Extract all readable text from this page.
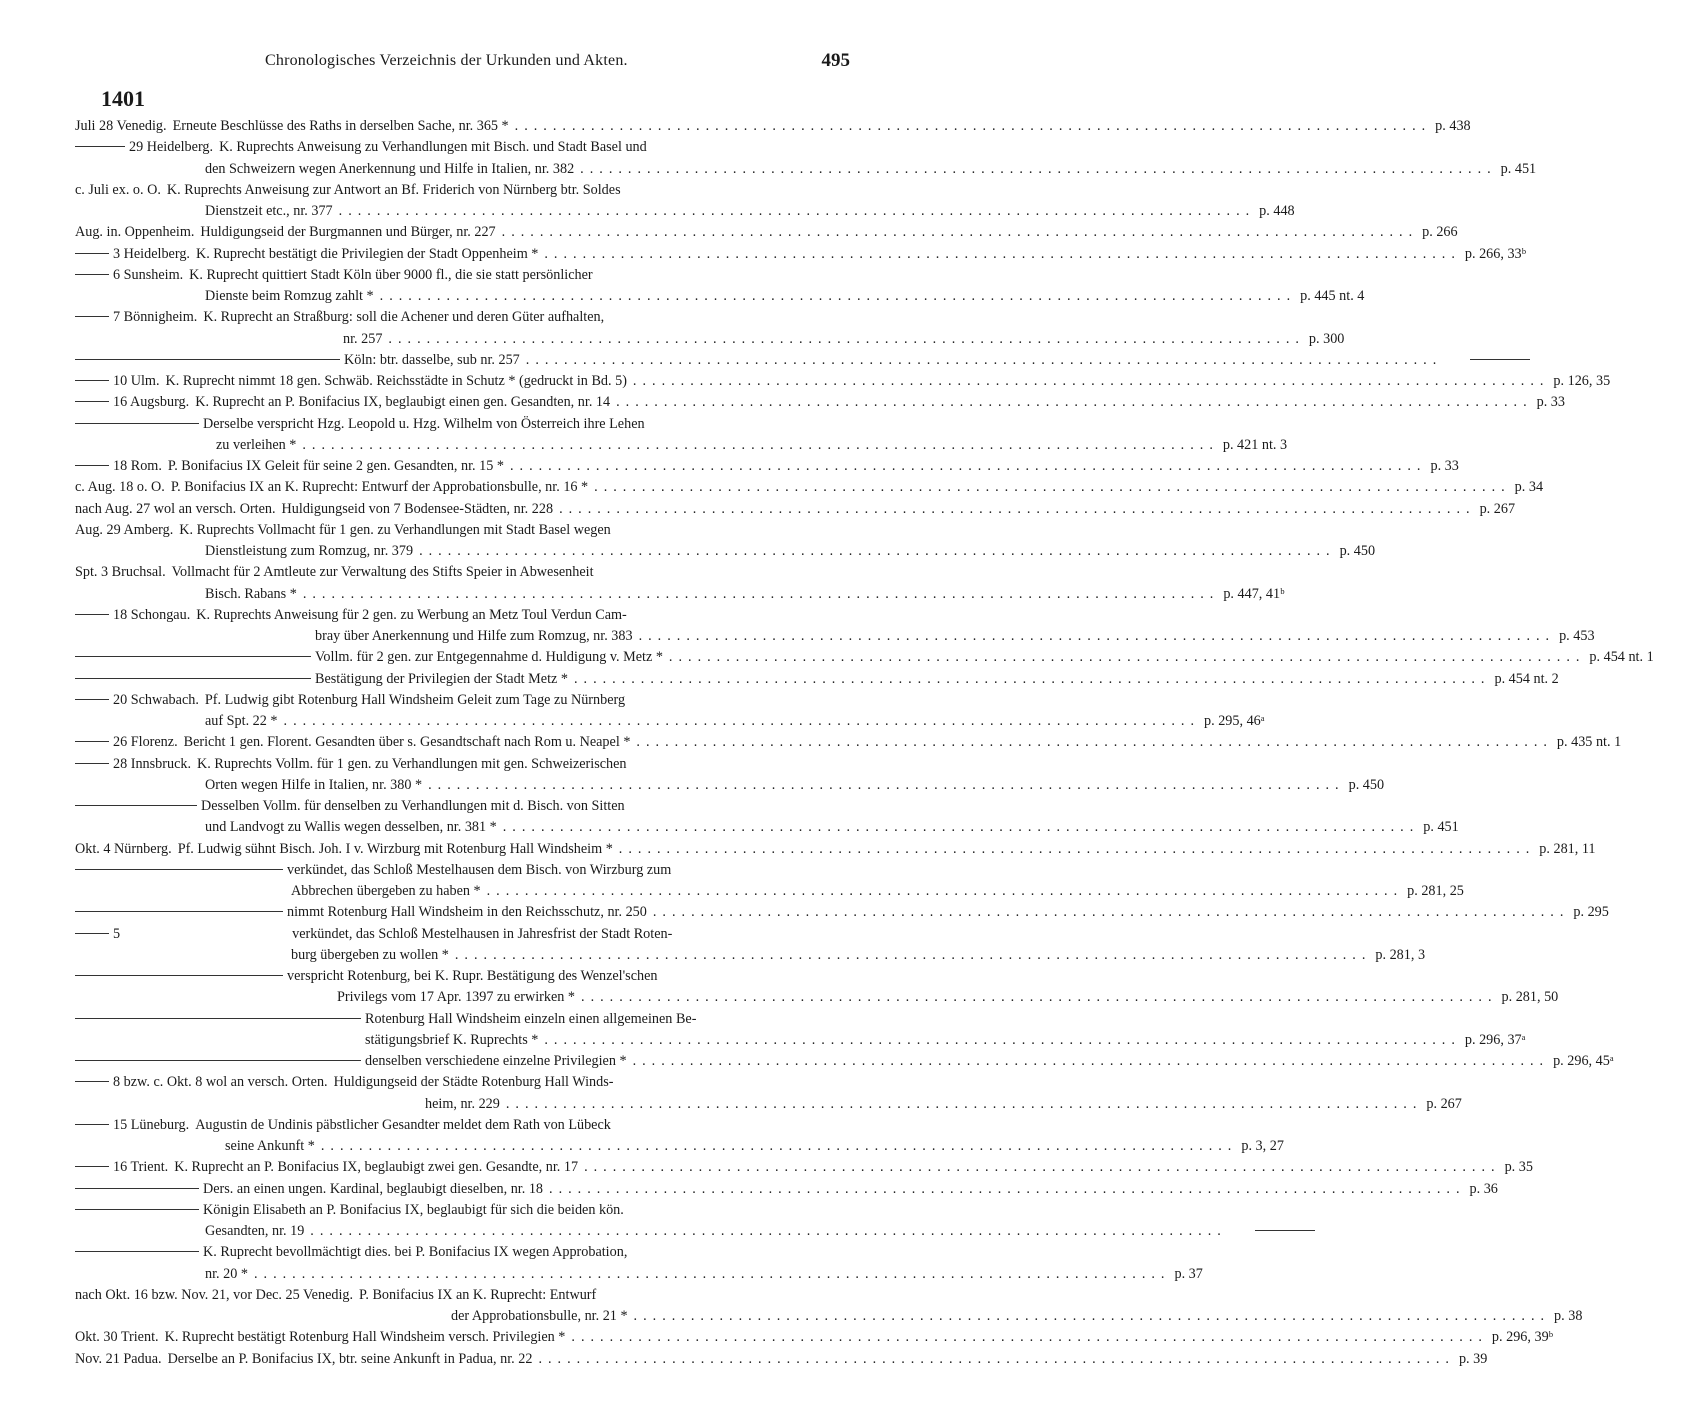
Chronologisches Verzeichnis der Urkunden und Akten.	495
1401
Juli 28 Venedig. Erneute Beschlüsse des Raths in derselben Sache, nr. 365 * .....	p. 438
29 Heidelberg. K. Ruprechts Anweisung zu Verhandlungen mit Bisch. und Stadt Basel und
den Schweizern wegen Anerkennung und Hilfe in Italien, nr. 382 .....	p. 451
c. Juli ex. o. O. K. Ruprechts Anweisung zur Antwort an Bf. Friderich von Nürnberg btr. Soldes
Dienstzeit etc., nr. 377 .....	p. 448
Aug. in. Oppenheim. Huldigungseid der Burgmannen und Bürger, nr. 227 .....	p. 266
3 Heidelberg. K. Ruprecht bestätigt die Privilegien der Stadt Oppenheim * .....	p. 266, 33ᵇ
6 Sunsheim. K. Ruprecht quittiert Stadt Köln über 9000 fl., die sie statt persönlicher
Dienste beim Romzug zahlt * .....	p. 445 nt. 4
7 Bönnigheim. K. Ruprecht an Straßburg: soll die Achener und deren Güter aufhalten,
nr. 257 .....	p. 300
Köln: btr. dasselbe, sub nr. 257
.....
10 Ulm. K. Ruprecht nimmt 18 gen. Schwäb. Reichsstädte in Schutz * (gedruckt in Bd. 5) .....	p. 126, 35
16 Augsburg. K. Ruprecht an P. Bonifacius IX, beglaubigt einen gen. Gesandten, nr. 14 .....	p. 33
Derselbe verspricht Hzg. Leopold u. Hzg. Wilhelm von Österreich ihre Lehen
zu verleihen * .....	p. 421 nt. 3
18 Rom. P. Bonifacius IX Geleit für seine 2 gen. Gesandten, nr. 15 * .....	p. 33
c. Aug. 18 o. O. P. Bonifacius IX an K. Ruprecht: Entwurf der Approbationsbulle, nr. 16 * .....	p. 34
nach Aug. 27 wol an versch. Orten. Huldigungseid von 7 Bodensee-Städten, nr. 228 .....	p. 267
Aug. 29 Amberg. K. Ruprechts Vollmacht für 1 gen. zu Verhandlungen mit Stadt Basel wegen
Dienstleistung zum Romzug, nr. 379 .....	p. 450
Spt. 3 Bruchsal. Vollmacht für 2 Amtleute zur Verwaltung des Stifts Speier in Abwesenheit
Bisch. Rabans * .....	p. 447, 41ᵇ
18 Schongau. K. Ruprechts Anweisung für 2 gen. zu Werbung an Metz Toul Verdun Cam-
bray über Anerkennung und Hilfe zum Romzug, nr. 383 .....	p. 453
Vollm. für 2 gen. zur Entgegennahme d. Huldigung v. Metz * .....	p. 454 nt. 1
Bestätigung der Privilegien der Stadt Metz * .....	p. 454 nt. 2
20 Schwabach. Pf. Ludwig gibt Rotenburg Hall Windsheim Geleit zum Tage zu Nürnberg
auf Spt. 22 * .....	p. 295, 46ᵃ
26 Florenz. Bericht 1 gen. Florent. Gesandten über s. Gesandtschaft nach Rom u. Neapel * .....	p. 435 nt. 1
28 Innsbruck. K. Ruprechts Vollm. für 1 gen. zu Verhandlungen mit gen. Schweizerischen
Orten wegen Hilfe in Italien, nr. 380 * .....	p. 450
Desselben Vollm. für denselben zu Verhandlungen mit d. Bisch. von Sitten
und Landvogt zu Wallis wegen desselben, nr. 381 * .....	p. 451
Okt. 4 Nürnberg. Pf. Ludwig sühnt Bisch. Joh. I v. Wirzburg mit Rotenburg Hall Windsheim * .....	p. 281, 11
verkündet, das Schloß Mestelhausen dem Bisch. von Wirzburg zum
Abbrechen übergeben zu haben * .....	p. 281, 25
nimmt Rotenburg Hall Windsheim in den Reichsschutz, nr. 250 .....	p. 295
5	verkündet, das Schloß Mestelhausen in Jahresfrist der Stadt Roten-
burg übergeben zu wollen * .....	p. 281, 3
verspricht Rotenburg, bei K. Rupr. Bestätigung des Wenzel'schen
Privilegs vom 17 Apr. 1397 zu erwirken * .....	p. 281, 50
Rotenburg Hall Windsheim einzeln einen allgemeinen Be-
stätigungsbrief K. Ruprechts * .....	p. 296, 37ᵃ
denselben verschiedene einzelne Privilegien * .....	p. 296, 45ᵃ
8 bzw. c. Okt. 8 wol an versch. Orten. Huldigungseid der Städte Rotenburg Hall Winds-
heim, nr. 229 .....	p. 267
15 Lüneburg. Augustin de Undinis päbstlicher Gesandter meldet dem Rath von Lübeck
seine Ankunft * .....	p. 3, 27
16 Trient. K. Ruprecht an P. Bonifacius IX, beglaubigt zwei gen. Gesandte, nr. 17 .....	p. 35
Ders. an einen ungen. Kardinal, beglaubigt dieselben, nr. 18 .....	p. 36
Königin Elisabeth an P. Bonifacius IX, beglaubigt für sich die beiden kön.
Gesandten, nr. 19
.....
K. Ruprecht bevollmächtigt dies. bei P. Bonifacius IX wegen Approbation,
nr. 20 * .....	p. 37
nach Okt. 16 bzw. Nov. 21, vor Dec. 25 Venedig. P. Bonifacius IX an K. Ruprecht: Entwurf
der Approbationsbulle, nr. 21 * .....	p. 38
Okt. 30 Trient. K. Ruprecht bestätigt Rotenburg Hall Windsheim versch. Privilegien * .....	p. 296, 39ᵇ
Nov. 21 Padua. Derselbe an P. Bonifacius IX, btr. seine Ankunft in Padua, nr. 22 .....	p. 39
